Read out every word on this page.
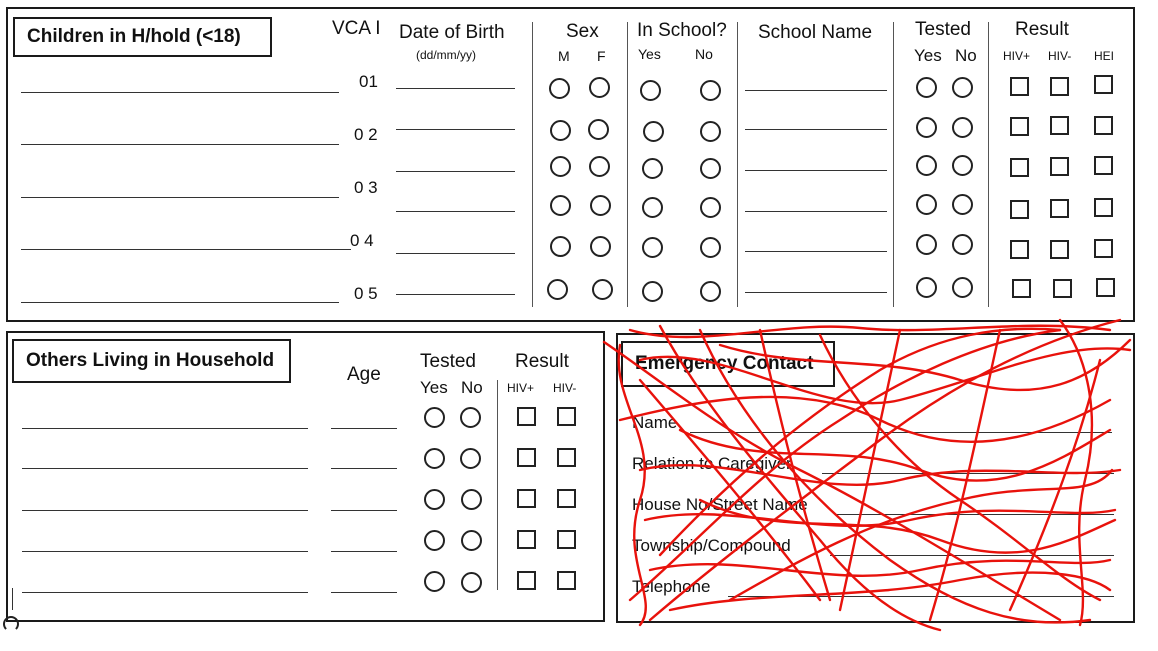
Children in H/hold (<18)	VCA I Date of Birth
(dd/mm/yy)
Sex
M F
In School?
Yes No
School Name Tested
Yes No
Result
HIV+ HIV- HEI
01
0 2
0 3
0 4
0 5
Others Living in Household
Age
Tested
Yes No
Result
HIV+ HIV-
Emergency Contact
Name
Relation to Caregiver
House No/Street Name
Township/Compound
Telephone
